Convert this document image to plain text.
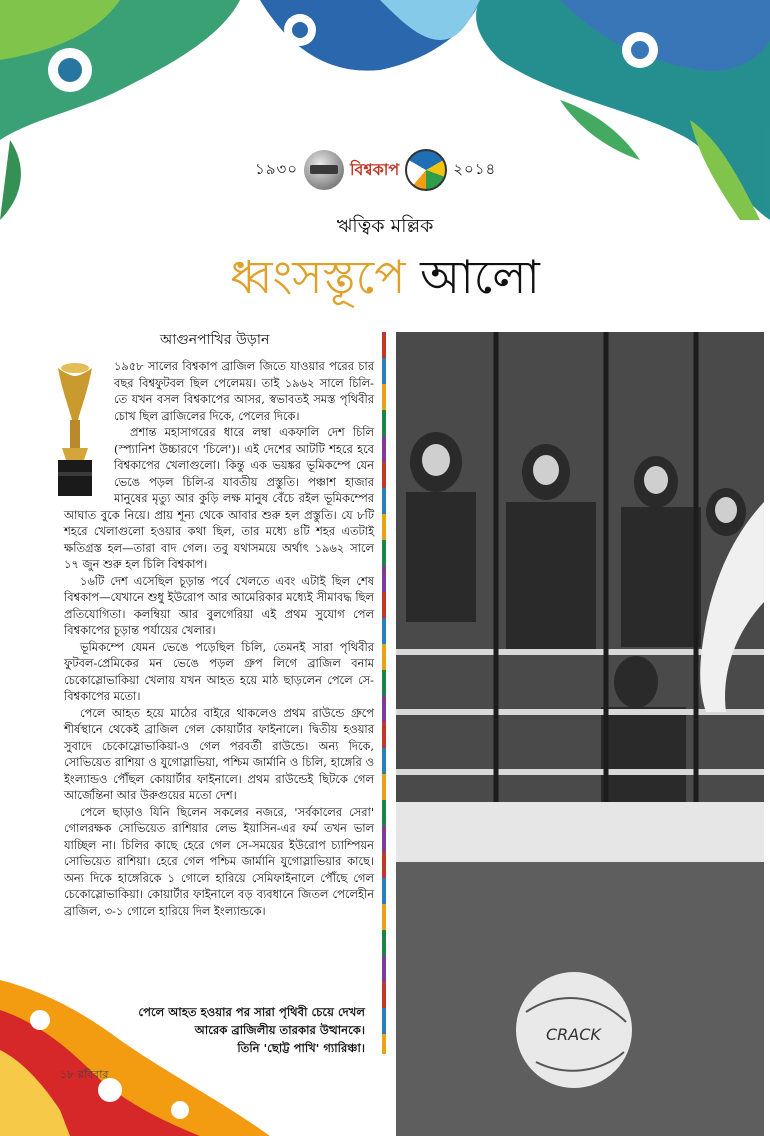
১৯৩০	বিশ্বকাপ	২০১৪
ঋত্বিক মল্লিক
ধ্বংসস্তূপে আলো
আগুনপাখির উড়ান

১৯৫৮ সালের বিশ্বকাপ ব্রাজিল জিতে যাওয়ার পরের চার বছর বিশ্বফুটবল ছিল পেলেময়। তাই ১৯৬২ সালে চিলি-তে যখন বসল বিশ্বকাপের আসর, স্বভাবতই সমস্ত পৃথিবীর চোখ ছিল ব্রাজিলের দিকে, পেলের দিকে।

প্রশান্ত মহাসাগরের ধারে লম্বা একফালি দেশ চিলি (স্প্যানিশ উচ্চারণে 'চিলে')। এই দেশের আটটি শহরে হবে বিশ্বকাপের খেলাগুলো। কিন্তু এক ভয়ঙ্কর ভূমিকম্পে যেন ভেঙে পড়ল চিলি-র যাবতীয় প্রস্তুতি। পঞ্চাশ হাজার মানুষের মৃত্যু আর কুড়ি লক্ষ মানুষ বেঁচে রইল ভূমিকম্পের আঘাত বুকে নিয়ে। প্রায় শূন্য থেকে আবার শুরু হল প্রস্তুতি। যে ৮টি শহরে খেলাগুলো হওয়ার কথা ছিল, তার মধ্যে ৪টি শহর এতটাই ক্ষতিগ্রস্ত হল—তারা বাদ গেল। তবু যথাসময়ে অর্থাৎ ১৯৬২ সালে ১৭ জুন শুরু হল চিলি বিশ্বকাপ।

১৬টি দেশ এসেছিল চূড়ান্ত পর্বে খেলতে এবং এটাই ছিল শেষ বিশ্বকাপ—যেখানে শুধু ইউরোপ আর আমেরিকার মধ্যেই সীমাবদ্ধ ছিল প্রতিযোগিতা। কলম্বিয়া আর বুলগেরিয়া এই প্রথম সুযোগ পেল বিশ্বকাপের চূড়ান্ত পর্যায়ের খেলার।

ভূমিকম্পে যেমন ভেঙে পড়েছিল চিলি, তেমনই সারা পৃথিবীর ফুটবল-প্রেমিকের মন ভেঙে পড়ল গ্রুপ লিগে ব্রাজিল বনাম চেকোস্লোভাকিয়া খেলায় যখন আহত হয়ে মাঠ ছাড়লেন পেলে সে-বিশ্বকাপের মতো।

পেলে আহত হয়ে মাঠের বাইরে থাকলেও প্রথম রাউন্ডে গ্রুপে শীর্ষস্থানে থেকেই ব্রাজিল গেল কোয়ার্টার ফাইনালে। দ্বিতীয় হওয়ার সুবাদে চেকোস্লোভাকিয়া-ও গেল পরবর্তী রাউন্ডে। অন্য দিকে, সোভিয়েত রাশিয়া ও যুগোস্লাভিয়া, পশ্চিম জার্মানি ও চিলি, হাঙ্গেরি ও ইংল্যান্ডও পৌঁছল কোয়ার্টার ফাইনালে। প্রথম রাউন্ডেই ছিটকে গেল আর্জেন্তিনা আর উরুগুয়ের মতো দেশ।

পেলে ছাড়াও যিনি ছিলেন সকলের নজরে, 'সর্বকালের সেরা' গোলরক্ষক সোভিয়েত রাশিয়ার লেভ ইয়াসিন-এর ফর্ম তখন ভাল যাচ্ছিল না। চিলির কাছে হেরে গেল সে-সময়ের ইউরোপ চ্যাম্পিয়ন সোভিয়েত রাশিয়া। হেরে গেল পশ্চিম জার্মানি যুগোস্লাভিয়ার কাছে। অন্য দিকে হাঙ্গেরিকে ১ গোলে হারিয়ে সেমিফাইনালে পৌঁছে গেল চেকোস্লোভাকিয়া। কোয়ার্টার ফাইনালে বড় ব্যবধানে জিতল পেলেহীন ব্রাজিল, ৩-১ গোলে হারিয়ে দিল ইংল্যান্ডকে।

পেলে আহত হওয়ার পর সারা পৃথিবী চেয়ে দেখল
আরেক ব্রাজিলীয় তারকার উত্থানকে।
তিনি 'ছোট্ট পাখি' গ্যারিঞ্চা।
CRACK
১৮ রবিবার
